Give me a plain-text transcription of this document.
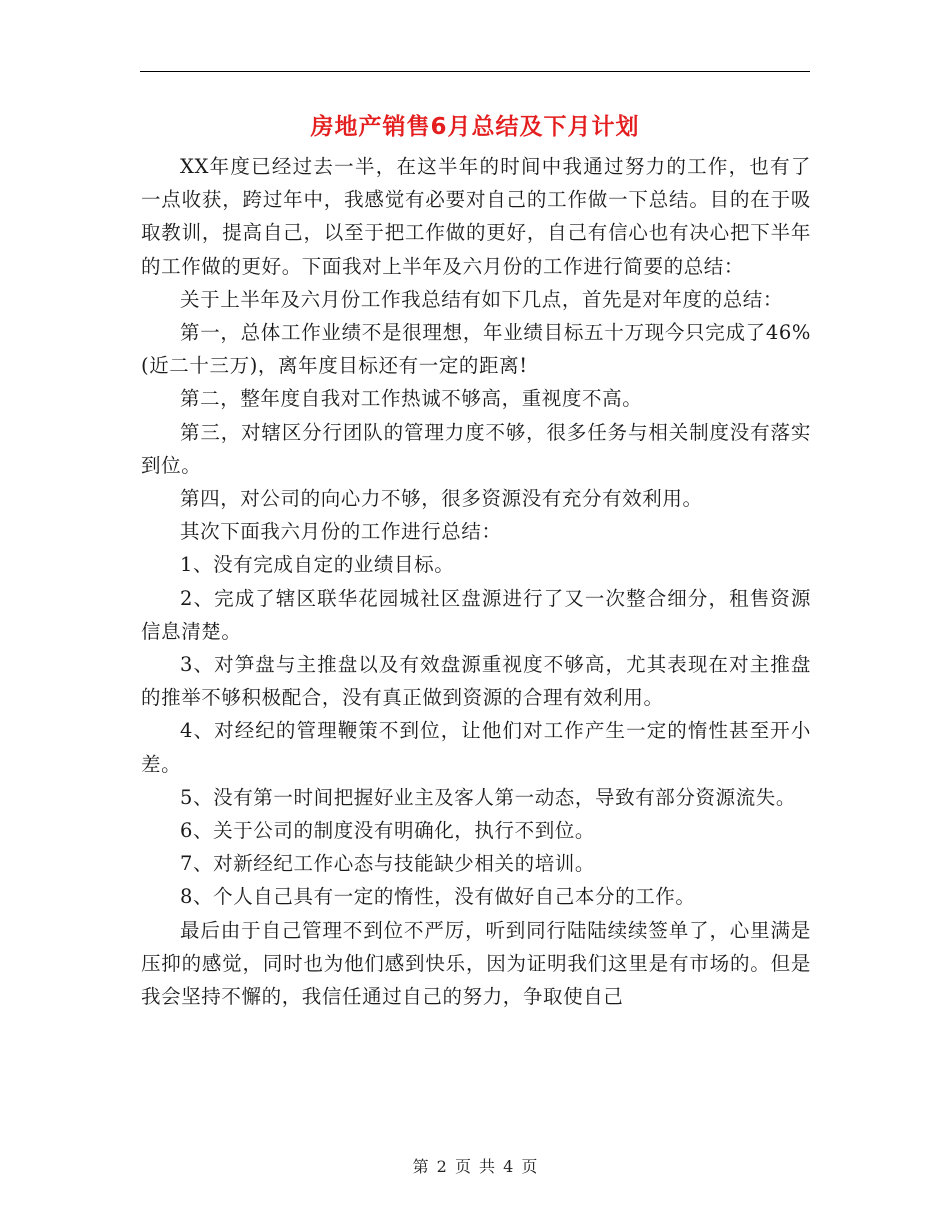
房地产销售6月总结及下月计划

XX年度已经过去一半，在这半年的时间中我通过努力的工作，也有了一点收获，跨过年中，我感觉有必要对自己的工作做一下总结。目的在于吸取教训，提高自己，以至于把工作做的更好，自己有信心也有决心把下半年的工作做的更好。下面我对上半年及六月份的工作进行简要的总结：

关于上半年及六月份工作我总结有如下几点，首先是对年度的总结：

第一，总体工作业绩不是很理想，年业绩目标五十万现今只完成了46%(近二十三万)，离年度目标还有一定的距离!

第二，整年度自我对工作热诚不够高，重视度不高。

第三，对辖区分行团队的管理力度不够，很多任务与相关制度没有落实到位。

第四，对公司的向心力不够，很多资源没有充分有效利用。

其次下面我六月份的工作进行总结：

1、没有完成自定的业绩目标。

2、完成了辖区联华花园城社区盘源进行了又一次整合细分，租售资源信息清楚。

3、对笋盘与主推盘以及有效盘源重视度不够高，尤其表现在对主推盘的推举不够积极配合，没有真正做到资源的合理有效利用。

4、对经纪的管理鞭策不到位，让他们对工作产生一定的惰性甚至开小差。

5、没有第一时间把握好业主及客人第一动态，导致有部分资源流失。

6、关于公司的制度没有明确化，执行不到位。

7、对新经纪工作心态与技能缺少相关的培训。

8、个人自己具有一定的惰性，没有做好自己本分的工作。

最后由于自己管理不到位不严厉，听到同行陆陆续续签单了，心里满是压抑的感觉，同时也为他们感到快乐，因为证明我们这里是有市场的。但是我会坚持不懈的，我信任通过自己的努力，争取使自己

第 2 页 共 4 页
